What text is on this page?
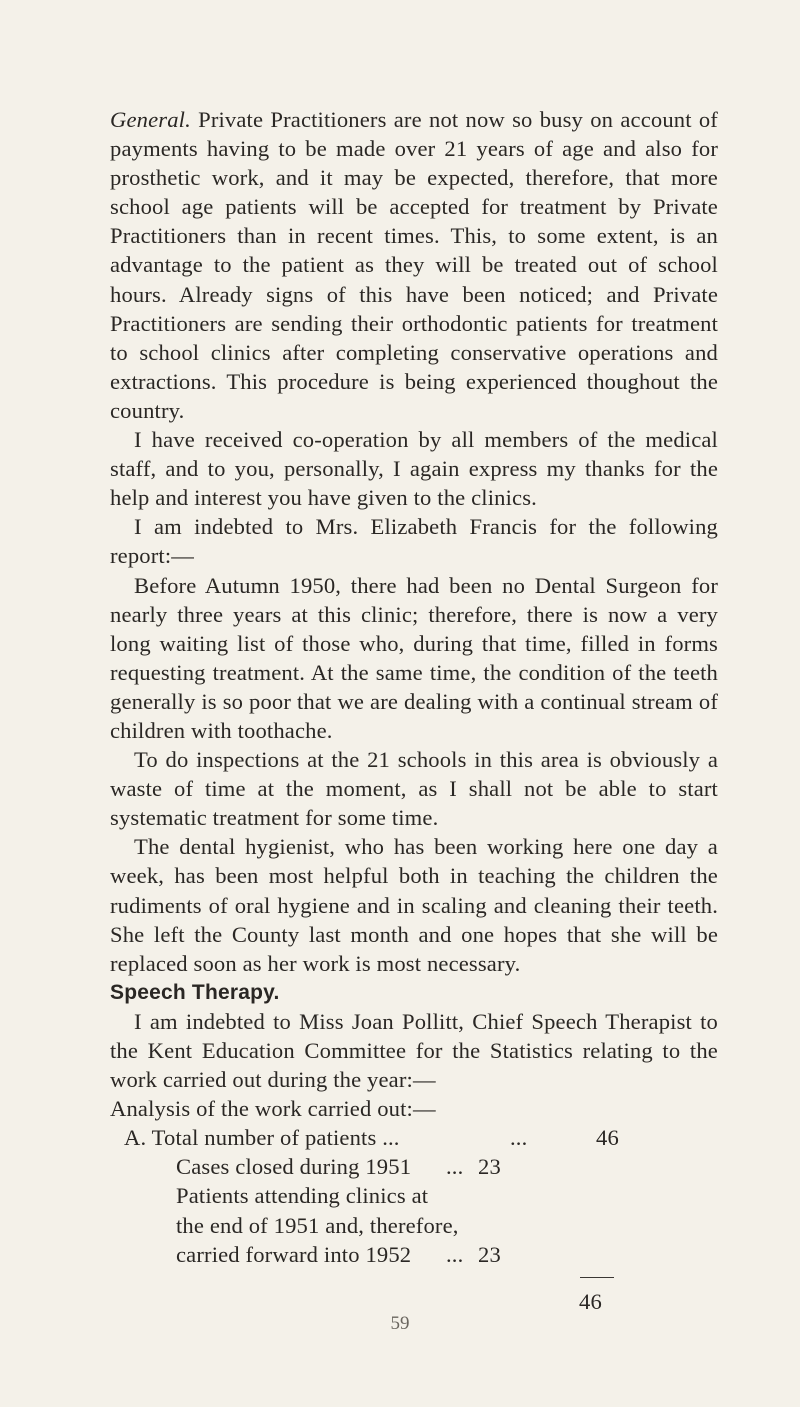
General. Private Practitioners are not now so busy on account of payments having to be made over 21 years of age and also for prosthetic work, and it may be expected, therefore, that more school age patients will be accepted for treatment by Private Practitioners than in recent times. This, to some extent, is an advantage to the patient as they will be treated out of school hours. Already signs of this have been noticed; and Private Practitioners are sending their orthodontic patients for treatment to school clinics after completing conservative operations and extractions. This procedure is being experienced thoughout the country.

I have received co-operation by all members of the medical staff, and to you, personally, I again express my thanks for the help and interest you have given to the clinics.

I am indebted to Mrs. Elizabeth Francis for the following report:—

Before Autumn 1950, there had been no Dental Surgeon for nearly three years at this clinic; therefore, there is now a very long waiting list of those who, during that time, filled in forms requesting treatment. At the same time, the condition of the teeth generally is so poor that we are dealing with a continual stream of children with toothache.

To do inspections at the 21 schools in this area is obviously a waste of time at the moment, as I shall not be able to start systematic treatment for some time.

The dental hygienist, who has been working here one day a week, has been most helpful both in teaching the children the rudiments of oral hygiene and in scaling and cleaning their teeth. She left the County last month and one hopes that she will be replaced soon as her work is most necessary.

Speech Therapy.

I am indebted to Miss Joan Pollitt, Chief Speech Therapist to the Kent Education Committee for the Statistics relating to the work carried out during the year:—

Analysis of the work carried out:—

A. Total number of patients ...	...	46
Cases closed during 1951 ... 23
Patients attending clinics at
the end of 1951 and, therefore,
carried forward into 1952 ... 23
46
59
